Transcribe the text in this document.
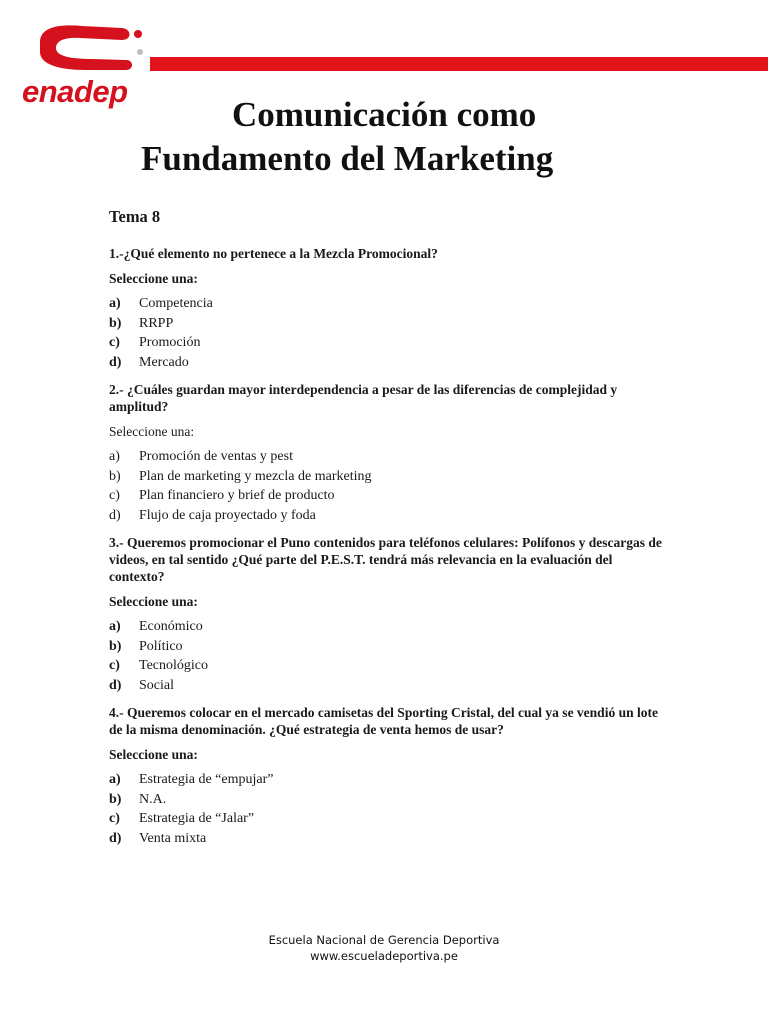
enadep
Comunicación como
Fundamento del Marketing
Tema 8
1.-¿Qué elemento no pertenece a la Mezcla Promocional?
Seleccione una:
a)	Competencia
b)	RRPP
c)	Promoción
d)	Mercado
2.- ¿Cuáles guardan mayor interdependencia a pesar de las diferencias de complejidad y amplitud?
Seleccione una:
a)	Promoción de ventas y pest
b)	Plan de marketing y mezcla de marketing
c)	Plan financiero y brief de producto
d)	Flujo de caja proyectado y foda
3.- Queremos promocionar el Puno contenidos para teléfonos celulares: Polífonos y descargas de videos, en tal sentido ¿Qué parte del P.E.S.T. tendrá más relevancia en la evaluación del contexto?
Seleccione una:
a)	Económico
b)	Político
c)	Tecnológico
d)	Social
4.- Queremos colocar en el mercado camisetas del Sporting Cristal, del cual ya se vendió un lote de la misma denominación. ¿Qué estrategia de venta hemos de usar?
Seleccione una:
a)	Estrategia de “empujar”
b)	N.A.
c)	Estrategia de “Jalar”
d)	Venta mixta
Escuela Nacional de Gerencia Deportiva
www.escueladeportiva.pe
